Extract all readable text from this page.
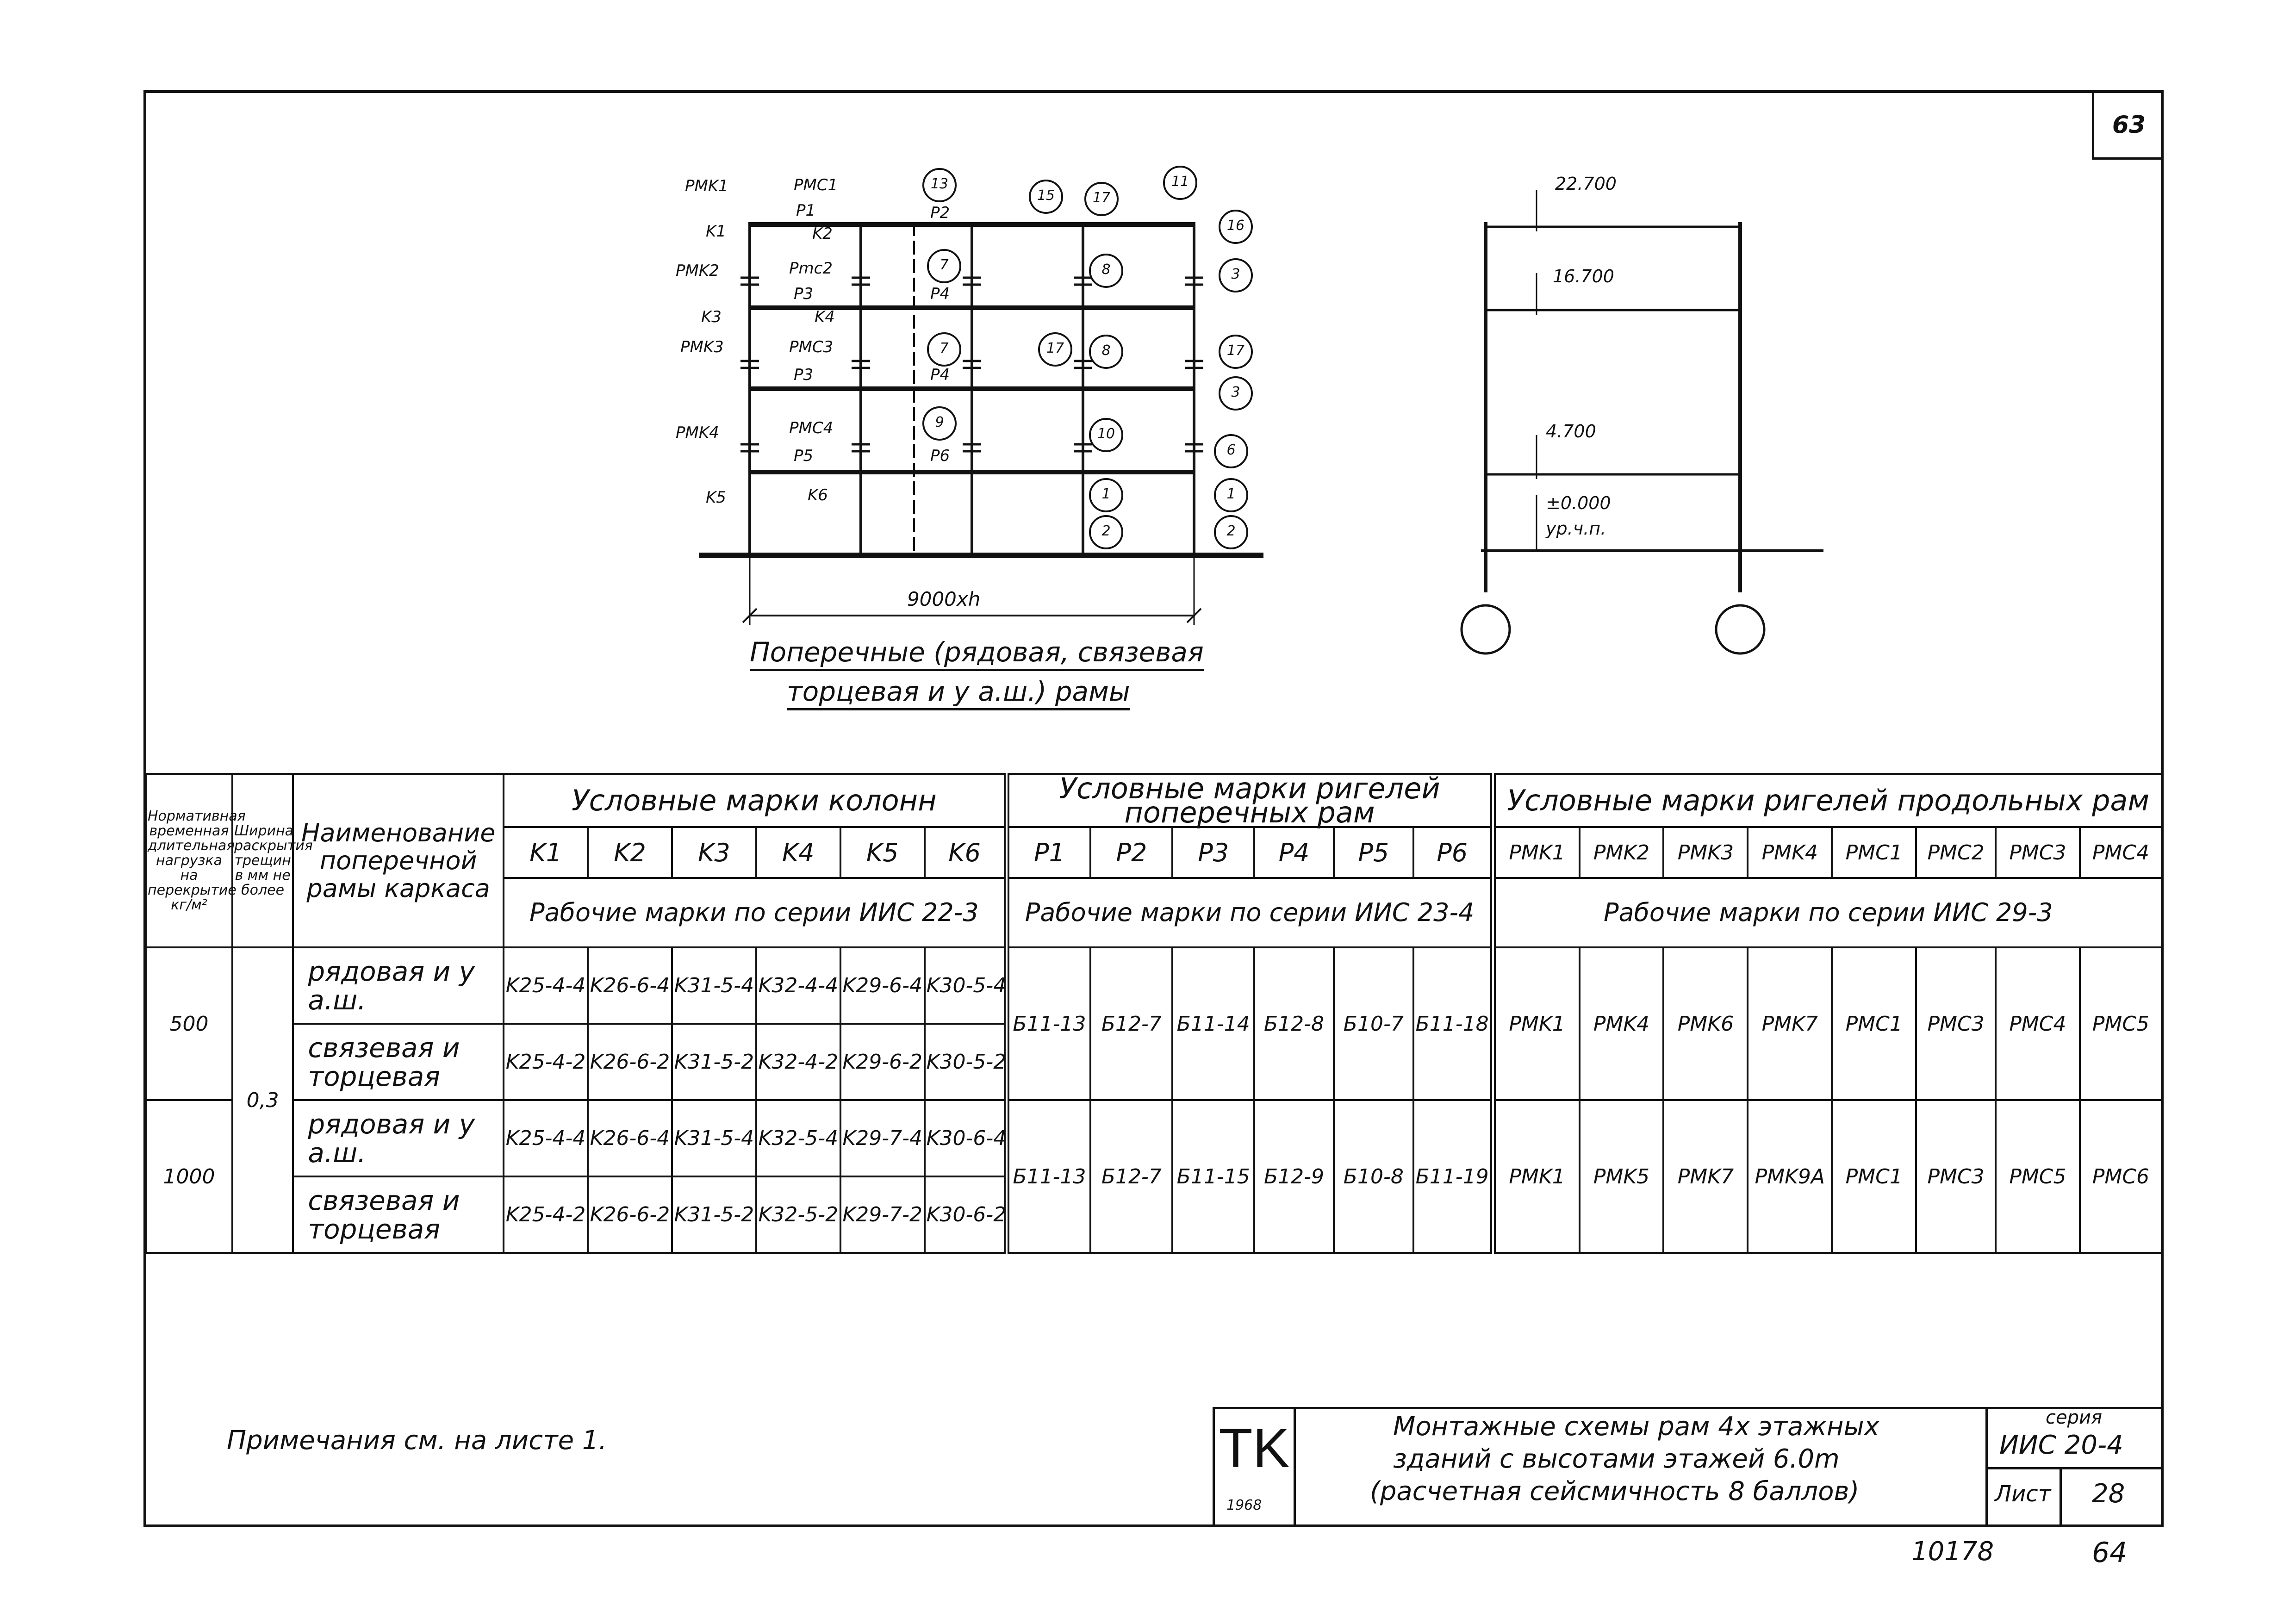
63
PMK1
K1
PMK2
K3
PMK3
PMK4
K5
PMC1
P1
K2
Pmc2
P3
K4
PMC3
P3
PMC4
P5
K6
P2
P4
P4
P6
13
15	17
11
16
7	8	3
7	17	8	17
3
9
10
6
1	1
2	2
9000xh
Поперечные (рядовая, связевая
торцевая и у а.ш.) рамы
22.700
16.700
4.700
±0.000
ур.ч.п.
Нормативная временная длительная нагрузка на перекрытие кг/м²	Ширина раскрытия трещин в мм не более	Наименование поперечной рамы каркаса	Условные марки колонн						Условные марки ригелей поперечных рам						Условные марки ригелей продольных рам							
			K1	K2	K3	K4	K5	K6	P1	P2	P3	P4	P5	P6	PMK1	PMK2	PMK3	PMK4	PMC1	PMC2	PMC3	PMC4
			Рабочие марки по серии ИИС 22-3						Рабочие марки по серии ИИС 23-4						Рабочие марки по серии ИИС 29-3							
500	0,3	рядовая и у а.ш.	K25-4-4	K26-6-4	K31-5-4	K32-4-4	K29-6-4	K30-5-4	Б11-13	Б12-7	Б11-14	Б12-8	Б10-7	Б11-18	PMK1	PMK4	PMK6	PMK7	PMC1	PMC3	PMC4	PMC5
		связевая и торцевая	K25-4-2	K26-6-2	K31-5-2	K32-4-2	K29-6-2	K30-5-2														
1000		рядовая и у а.ш.	K25-4-4	K26-6-4	K31-5-4	K32-5-4	K29-7-4	K30-6-4	Б11-13	Б12-7	Б11-15	Б12-9	Б10-8	Б11-19	PMK1	PMK5	PMK7	PMK9A	PMC1	PMC3	PMC5	PMC6
		связевая и торцевая	K25-4-2	K26-6-2	K31-5-2	K32-5-2	K29-7-2	K30-6-2														
Примечания см. на листе 1.	TK
1968
Монтажные схемы рам 4х этажных
зданий с высотами этажей 6.0m
(расчетная сейсмичность 8 баллов)
серия
ИИС 20-4
Лист 28
10178	64
